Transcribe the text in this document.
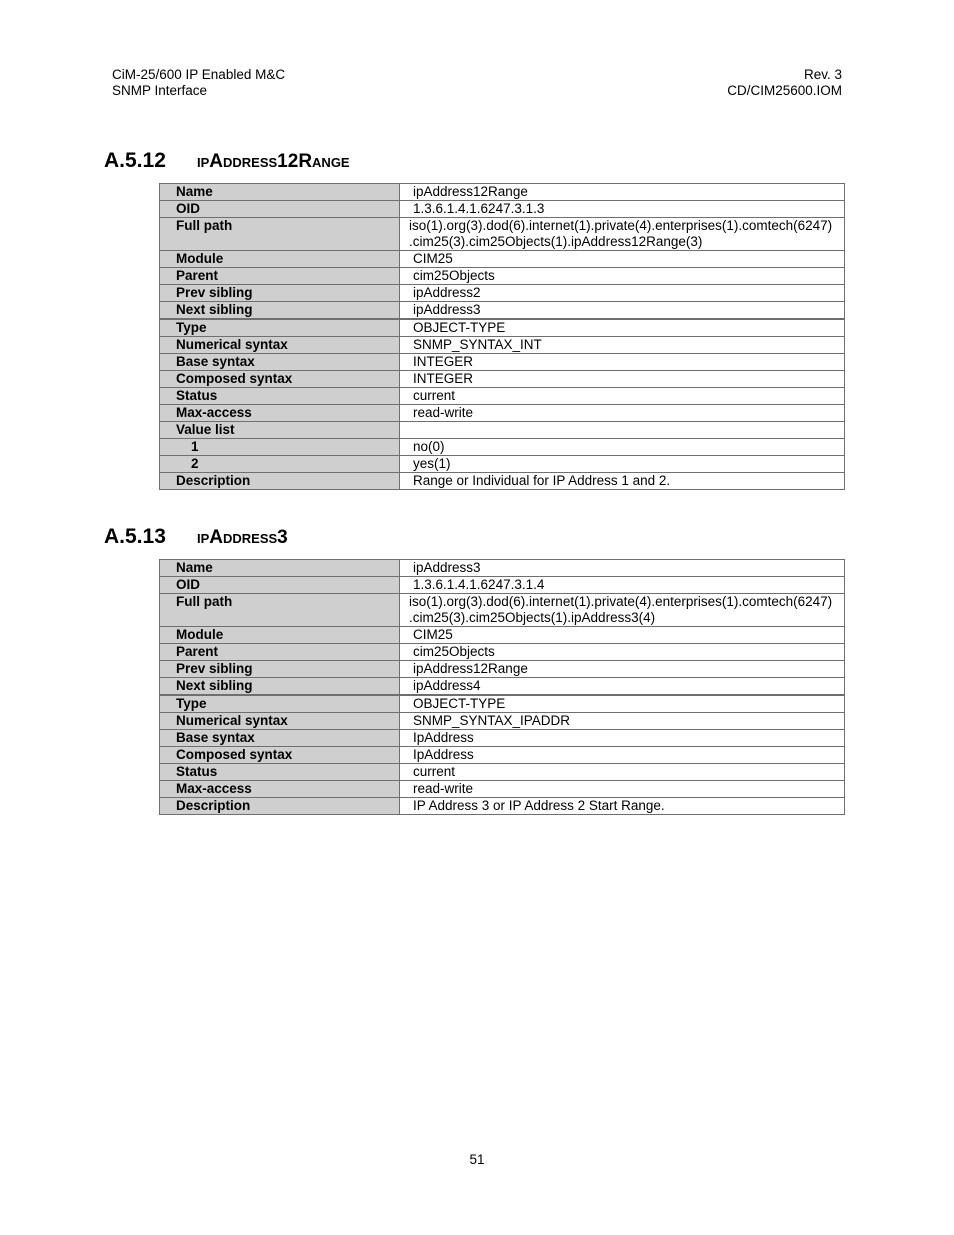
CiM-25/600 IP Enabled M&C
SNMP Interface
Rev. 3
CD/CIM25600.IOM
A.5.12 ipAddress12Range
Name	ipAddress12Range
OID	1.3.6.1.4.1.6247.3.1.3
Full path	iso(1).org(3).dod(6).internet(1).private(4).enterprises(1).comtech(6247)
.cim25(3).cim25Objects(1).ipAddress12Range(3)

Module	CIM25
Parent	cim25Objects
Prev sibling	ipAddress2
Next sibling	ipAddress3
Type	OBJECT-TYPE
Numerical syntax	SNMP_SYNTAX_INT
Base syntax	INTEGER
Composed syntax	INTEGER
Status	current
Max-access	read-write
Value list	
1	no(0)
2	yes(1)
Description	Range or Individual for IP Address 1 and 2.
A.5.13 ipAddress3
Name	ipAddress3
OID	1.3.6.1.4.1.6247.3.1.4
Full path	iso(1).org(3).dod(6).internet(1).private(4).enterprises(1).comtech(6247)
.cim25(3).cim25Objects(1).ipAddress3(4)

Module	CIM25
Parent	cim25Objects
Prev sibling	ipAddress12Range
Next sibling	ipAddress4
Type	OBJECT-TYPE
Numerical syntax	SNMP_SYNTAX_IPADDR
Base syntax	IpAddress
Composed syntax	IpAddress
Status	current
Max-access	read-write
Description	IP Address 3 or IP Address 2 Start Range.
51
